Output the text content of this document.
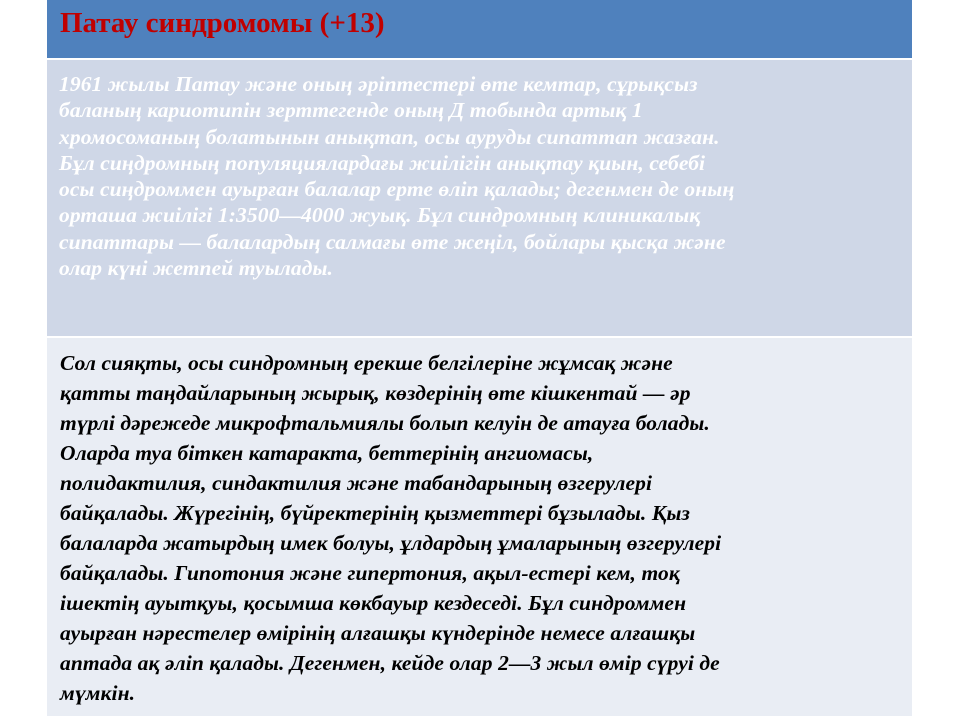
Патау синдромомы (+13)
1961 жылы Патау және оның әріптестері өте кемтар, сұрықсыз
баланың кариотипін зерттегенде оның Д тобында артық 1
хромосоманың болатынын анықтап, осы ауруды сипаттап жазған.
Бұл сиңдромның популяциялардағы жиілігін анықтау қиын, себебі
осы сиңдроммен ауырған балалар ерте өліп қалады; дегенмен де оның
орташа жиілігі 1:3500—4000 жуық. Бұл синдромның клиникалық
сипаттары — балалардың салмағы өте жеңіл, бойлары қысқа және
олар күні жетпей туылады.
Сол сияқты, осы синдромның ерекше белгілеріне жұмсақ және
қатты таңдайларының жырық, көздерінің өте кішкентай — әр
түрлі дәрежеде микрофтальмиялы болып келуін де атауға болады.
Оларда туа біткен катаракта, беттерінің ангиомасы,
полидактилия, синдактилия және табандарының өзгерулері
байқалады. Жүрегінің, бүйректерінің қызметтері бұзылады. Қыз
балаларда жатырдың имек болуы, ұлдардың ұмаларының өзгерулері
байқалады. Гипотония және гипертония, ақыл-естері кем, тоқ
ішектің ауытқуы, қосымша көкбауыр кездеседі. Бұл синдроммен
ауырған нәрестелер өмірінің алғашқы күндерінде немесе алғашқы
аптада ақ әліп қалады. Дегенмен, кейде олар 2—3 жыл өмір сүруі де
мүмкін.
